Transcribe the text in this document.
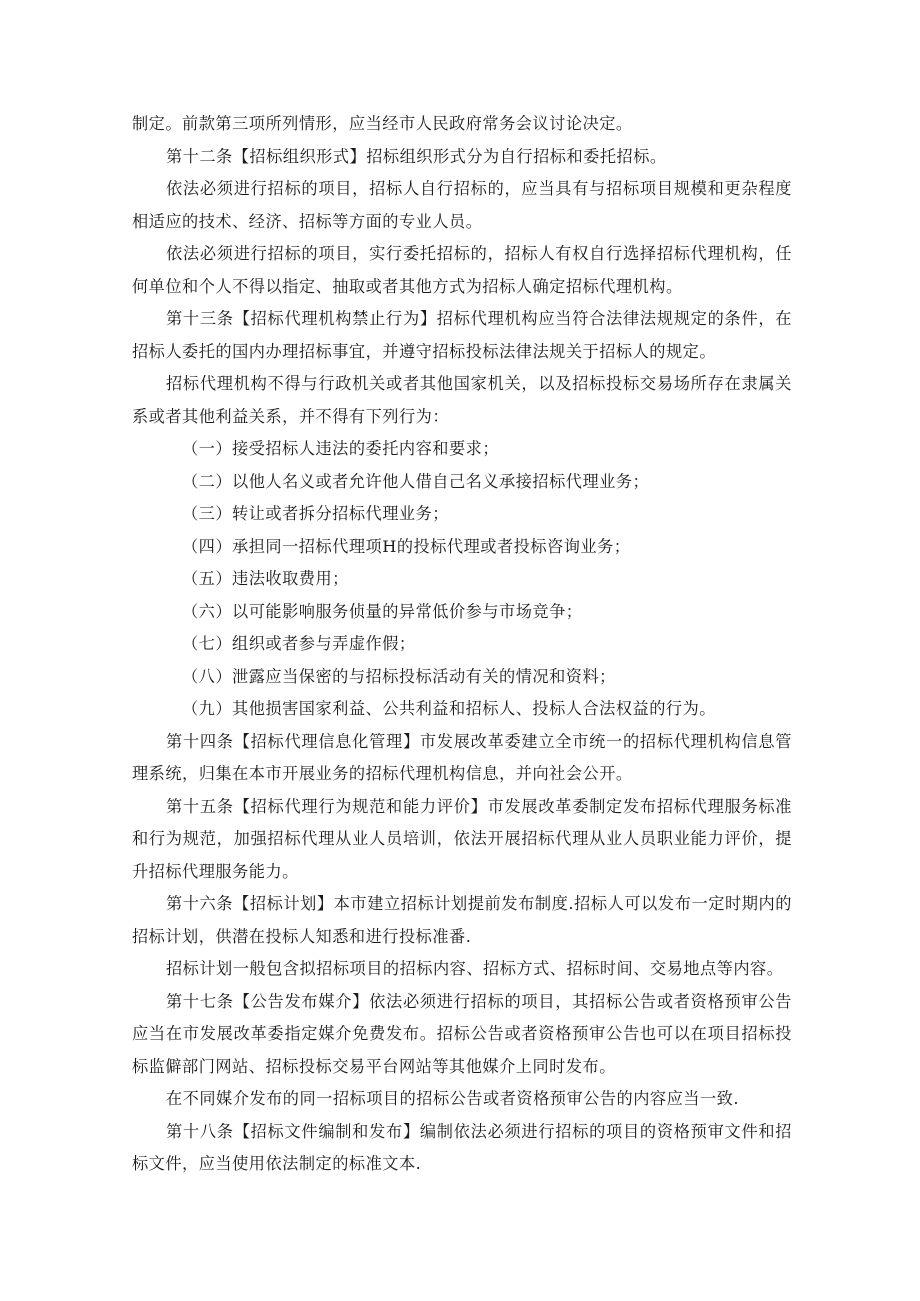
制定。前款第三项所列情形，应当经市人民政府常务会议讨论决定。

第十二条【招标组织形式】招标组织形式分为自行招标和委托招标。

依法必须进行招标的项目，招标人自行招标的，应当具有与招标项目规模和更杂程度相适应的技术、经济、招标等方面的专业人员。

依法必须进行招标的项目，实行委托招标的，招标人有权自行选择招标代理机构，任何单位和个人不得以指定、抽取或者其他方式为招标人确定招标代理机构。

第十三条【招标代理机构禁止行为】招标代理机构应当符合法律法规规定的条件，在招标人委托的国内办理招标事宜，并遵守招标投标法律法规关于招标人的规定。

招标代理机构不得与行政机关或者其他国家机关，以及招标投标交易场所存在隶属关系或者其他利益关系，并不得有下列行为：

（一）接受招标人违法的委托内容和要求；

（二）以他人名义或者允许他人借自己名义承接招标代理业务；

（三）转让或者拆分招标代理业务；

（四）承担同一招标代理项H的投标代理或者投标咨询业务；

（五）违法收取费用；

（六）以可能影响服务侦量的异常低价参与市场竞争；

（七）组织或者参与弄虚作假；

（八）泄露应当保密的与招标投标活动有关的情况和资料；

（九）其他损害国家利益、公共利益和招标人、投标人合法权益的行为。

第十四条【招标代理信息化管理】市发展改革委建立全市统一的招标代理机构信息管理系统，归集在本市开展业务的招标代理机构信息，并向社会公开。

第十五条【招标代理行为规范和能力评价】市发展改革委制定发布招标代理服务标准和行为规范，加强招标代理从业人员培训，依法开展招标代理从业人员职业能力评价，提升招标代理服务能力。

第十六条【招标计划】本市建立招标计划提前发布制度.招标人可以发布一定时期内的招标计划，供潜在投标人知悉和进行投标准番.

招标计划一般包含拟招标项目的招标内容、招标方式、招标时间、交易地点等内容。

第十七条【公告发布媒介】依法必须进行招标的项目，其招标公告或者资格预审公告应当在市发展改革委指定媒介免费发布。招标公告或者资格预审公告也可以在项目招标投标监僻部门网站、招标投标交易平台网站等其他媒介上同时发布。

在不同媒介发布的同一招标项目的招标公告或者资格预审公告的内容应当一致.

第十八条【招标文件编制和发布】编制依法必须进行招标的项目的资格预审文件和招标文件，应当使用依法制定的标准文本.
